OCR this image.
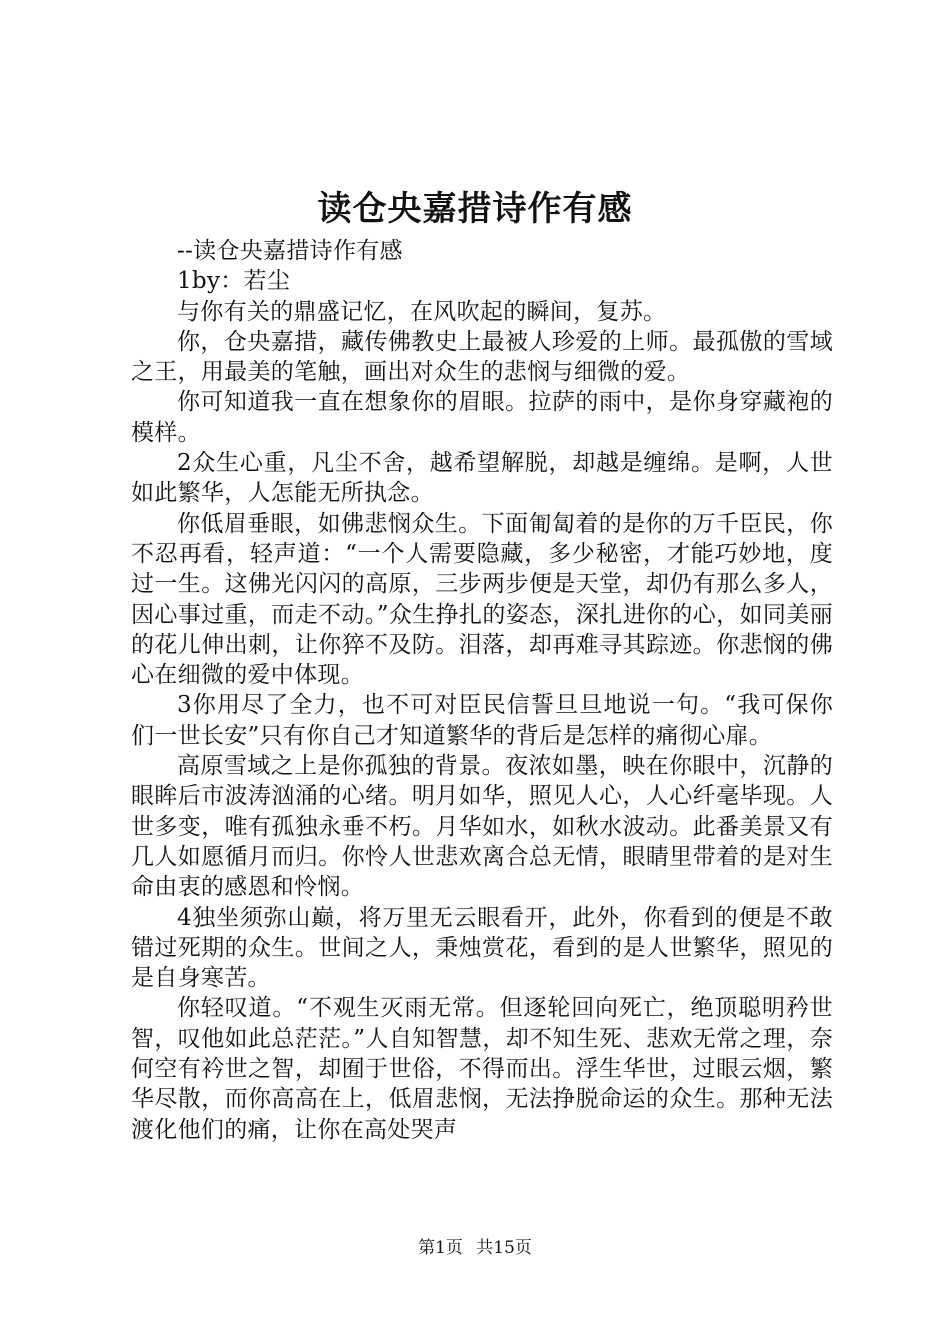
读仓央嘉措诗作有感

--读仓央嘉措诗作有感

1by：若尘

与你有关的鼎盛记忆，在风吹起的瞬间，复苏。

你，仓央嘉措，藏传佛教史上最被人珍爱的上师。最孤傲的雪域之王，用最美的笔触，画出对众生的悲悯与细微的爱。

你可知道我一直在想象你的眉眼。拉萨的雨中，是你身穿藏袍的模样。

2众生心重，凡尘不舍，越希望解脱，却越是缠绵。是啊，人世如此繁华，人怎能无所执念。

你低眉垂眼，如佛悲悯众生。下面匍匐着的是你的万千臣民，你不忍再看，轻声道：“一个人需要隐藏，多少秘密，才能巧妙地，度过一生。这佛光闪闪的高原，三步两步便是天堂，却仍有那么多人，因心事过重，而走不动。”众生挣扎的姿态，深扎进你的心，如同美丽的花儿伸出刺，让你猝不及防。泪落，却再难寻其踪迹。你悲悯的佛心在细微的爱中体现。

3你用尽了全力，也不可对臣民信誓旦旦地说一句。“我可保你们一世长安”只有你自己才知道繁华的背后是怎样的痛彻心扉。

高原雪域之上是你孤独的背景。夜浓如墨，映在你眼中，沉静的眼眸后市波涛汹涌的心绪。明月如华，照见人心，人心纤毫毕现。人世多变，唯有孤独永垂不朽。月华如水，如秋水波动。此番美景又有几人如愿循月而归。你怜人世悲欢离合总无情，眼睛里带着的是对生命由衷的感恩和怜悯。

4独坐须弥山巅，将万里无云眼看开，此外，你看到的便是不敢错过死期的众生。世间之人，秉烛赏花，看到的是人世繁华，照见的是自身寒苦。

你轻叹道。“不观生灭雨无常。但逐轮回向死亡，绝顶聪明矜世智，叹他如此总茫茫。”人自知智慧，却不知生死、悲欢无常之理，奈何空有衿世之智，却囿于世俗，不得而出。浮生华世，过眼云烟，繁华尽散，而你高高在上，低眉悲悯，无法挣脱命运的众生。那种无法渡化他们的痛，让你在高处哭声

第1页 共15页
